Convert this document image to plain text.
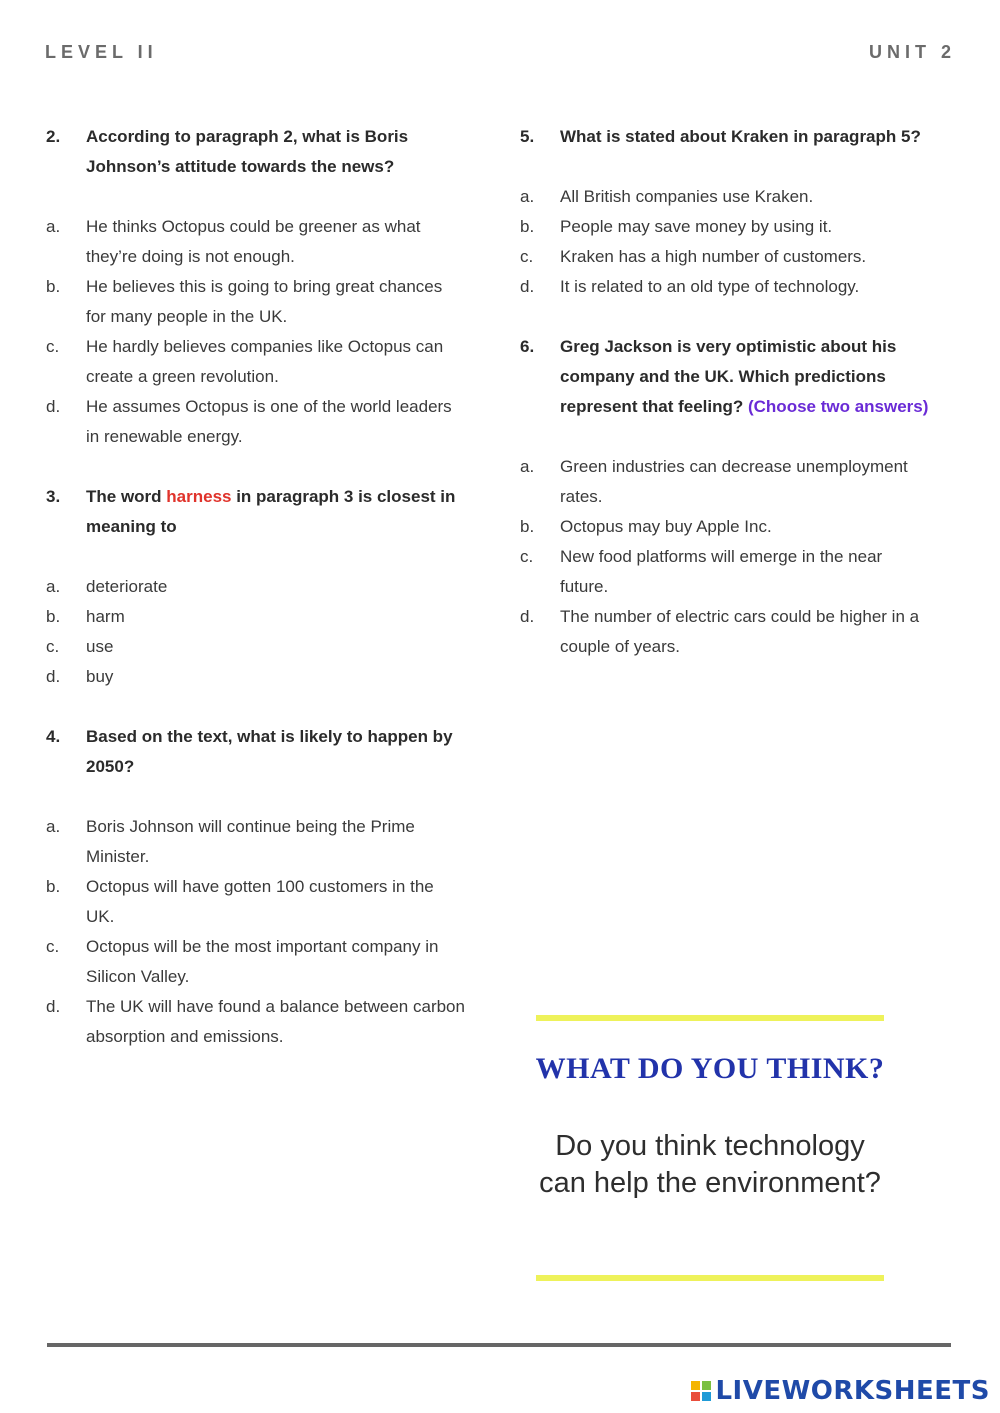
LEVEL II	UNIT 2
2.	According to paragraph 2, what is Boris Johnson’s attitude towards the news?
a.	He thinks Octopus could be greener as what they’re doing is not enough.
b.	He believes this is going to bring great chances for many people in the UK.
c.	He hardly believes companies like Octopus can create a green revolution.
d.	He assumes Octopus is one of the world leaders in renewable energy.
3.	The word harness in paragraph 3 is closest in meaning to
a.	deteriorate
b.	harm
c.	use
d.	buy
4.	Based on the text, what is likely to happen by 2050?
a.	Boris Johnson will continue being the Prime Minister.
b.	Octopus will have gotten 100 customers in the UK.
c.	Octopus will be the most important company in Silicon Valley.
d.	The UK will have found a balance between carbon absorption and emissions.
5.	What is stated about Kraken in paragraph 5?
a.	All British companies use Kraken.
b.	People may save money by using it.
c.	Kraken has a high number of customers.
d.	It is related to an old type of technology.
6.	Greg Jackson is very optimistic about his company and the UK. Which predictions represent that feeling? (Choose two answers)
a.	Green industries can decrease unemployment rates.
b.	Octopus may buy Apple Inc.
c.	New food platforms will emerge in the near future.
d.	The number of electric cars could be higher in a couple of years.
WHAT DO YOU THINK?
Do you think technology can help the environment?
LIVEWORKSHEETS
